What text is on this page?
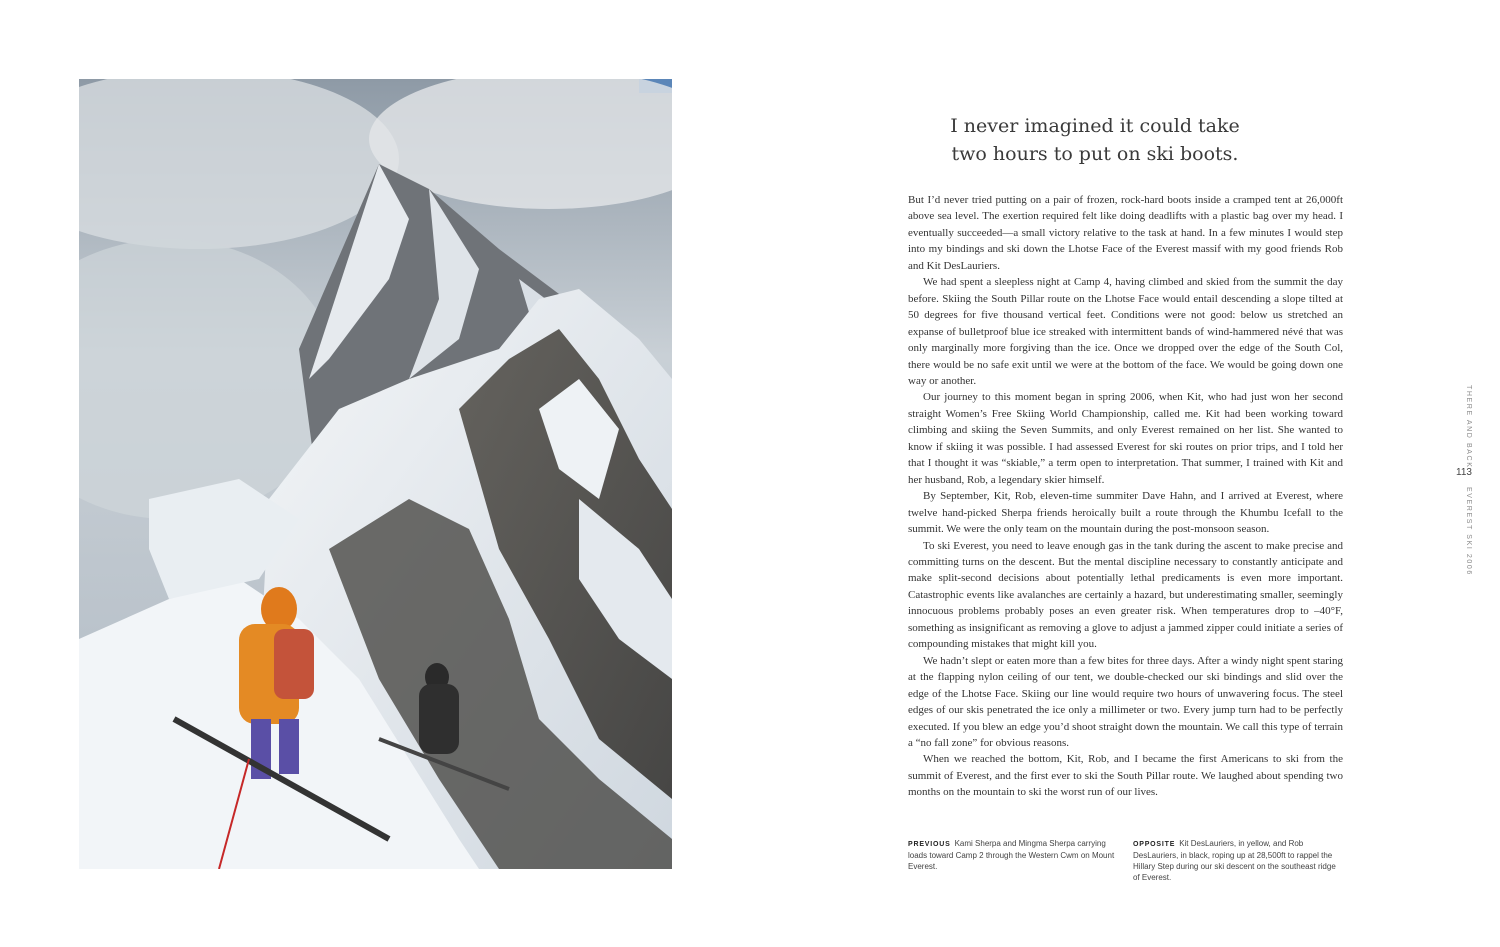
I never imagined it could take
two hours to put on ski boots.

But I’d never tried putting on a pair of frozen, rock-hard boots inside a cramped tent at 26,000ft above sea level. The exertion required felt like doing deadlifts with a plastic bag over my head. I eventually succeeded—a small victory relative to the task at hand. In a few minutes I would step into my bindings and ski down the Lhotse Face of the Everest massif with my good friends Rob and Kit DesLauriers.

We had spent a sleepless night at Camp 4, having climbed and skied from the summit the day before. Skiing the South Pillar route on the Lhotse Face would entail descending a slope tilted at 50 degrees for five thousand vertical feet. Conditions were not good: below us stretched an expanse of bulletproof blue ice streaked with intermittent bands of wind-hammered névé that was only marginally more forgiving than the ice. Once we dropped over the edge of the South Col, there would be no safe exit until we were at the bottom of the face. We would be going down one way or another.

Our journey to this moment began in spring 2006, when Kit, who had just won her second straight Women’s Free Skiing World Championship, called me. Kit had been working toward climbing and skiing the Seven Summits, and only Everest remained on her list. She wanted to know if skiing it was possible. I had assessed Everest for ski routes on prior trips, and I told her that I thought it was “skiable,” a term open to interpretation. That summer, I trained with Kit and her husband, Rob, a legendary skier himself.

By September, Kit, Rob, eleven-time summiter Dave Hahn, and I arrived at Everest, where twelve hand-picked Sherpa friends heroically built a route through the Khumbu Icefall to the summit. We were the only team on the mountain during the post-monsoon season.

To ski Everest, you need to leave enough gas in the tank during the ascent to make precise and committing turns on the descent. But the mental discipline necessary to constantly anticipate and make split-second decisions about potentially lethal predicaments is even more important. Catastrophic events like avalanches are certainly a hazard, but underestimating smaller, seemingly innocuous problems probably poses an even greater risk. When temperatures drop to –40°F, something as insignificant as removing a glove to adjust a jammed zipper could initiate a series of compounding mistakes that might kill you.

We hadn’t slept or eaten more than a few bites for three days. After a windy night spent staring at the flapping nylon ceiling of our tent, we double-checked our ski bindings and slid over the edge of the Lhotse Face. Skiing our line would require two hours of unwavering focus. The steel edges of our skis penetrated the ice only a millimeter or two. Every jump turn had to be perfectly executed. If you blew an edge you’d shoot straight down the mountain. We call this type of terrain a “no fall zone” for obvious reasons.

When we reached the bottom, Kit, Rob, and I became the first Americans to ski from the summit of Everest, and the first ever to ski the South Pillar route. We laughed about spending two months on the mountain to ski the worst run of our lives.

PREVIOUS Kami Sherpa and Mingma Sherpa carrying loads toward Camp 2 through the Western Cwm on Mount Everest.
OPPOSITE Kit DesLauriers, in yellow, and Rob DesLauriers, in black, roping up at 28,500ft to rappel the Hillary Step during our ski descent on the southeast ridge of Everest.
THERE AND BACK
113
EVEREST SKI 2006
